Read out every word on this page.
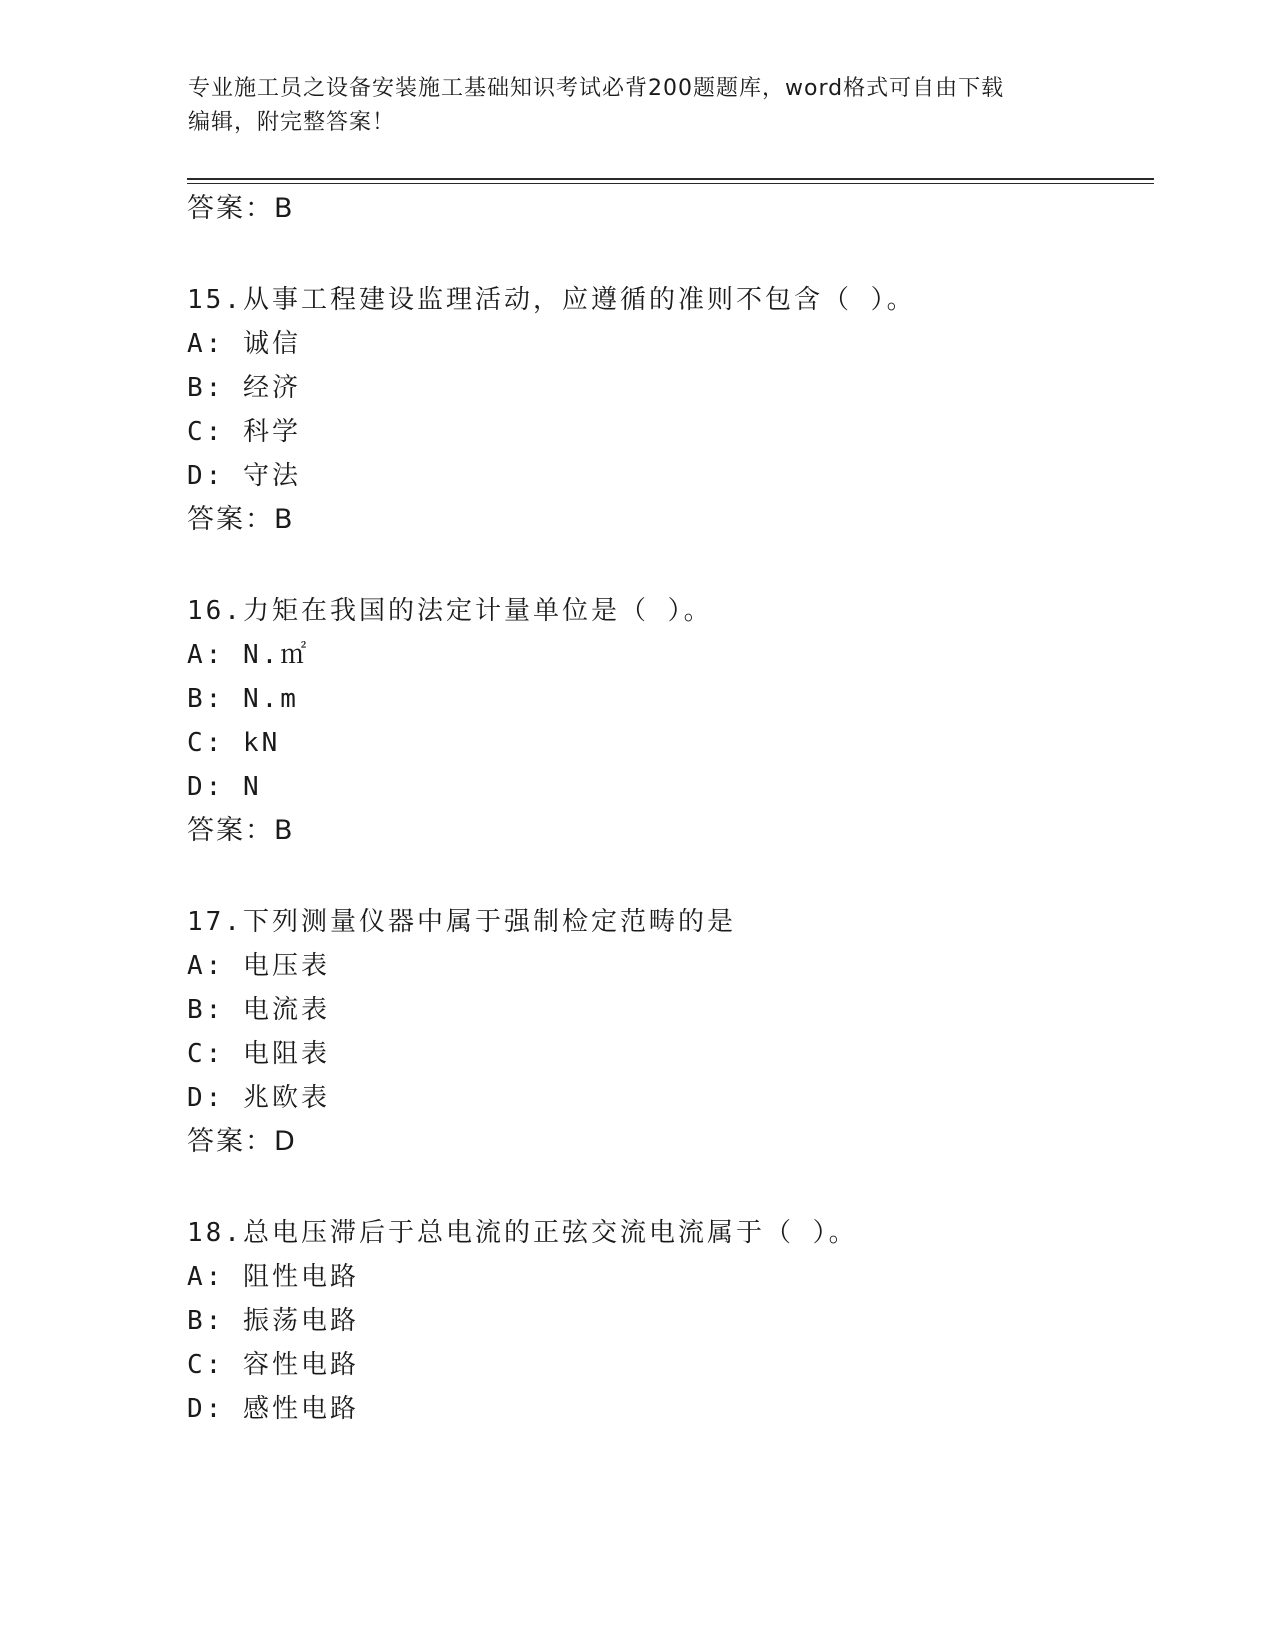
专业施工员之设备安装施工基础知识考试必背200题题库，word格式可自由下载
编辑，附完整答案！
答案：B
15.从事工程建设监理活动，应遵循的准则不包含（ ）。
A: 诚信
B: 经济
C: 科学
D: 守法
答案：B
16.力矩在我国的法定计量单位是（ ）。
A: N.㎡
B: N.m
C: kN
D: N
答案：B
17.下列测量仪器中属于强制检定范畴的是
A: 电压表
B: 电流表
C: 电阻表
D: 兆欧表
答案：D
18.总电压滞后于总电流的正弦交流电流属于（ ）。
A: 阻性电路
B: 振荡电路
C: 容性电路
D: 感性电路
